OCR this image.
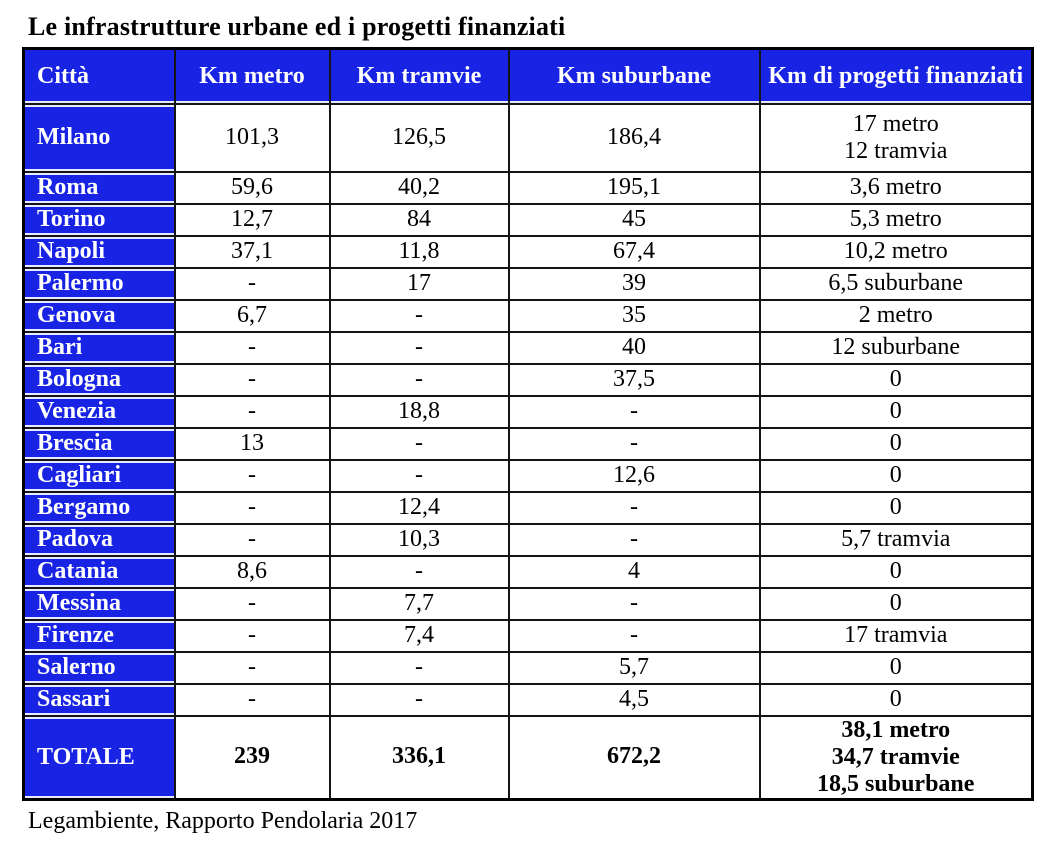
Le infrastrutture urbane ed i progetti finanziati
Città	Km metro	Km tramvie	Km suburbane	Km di progetti finanziati
Milano	101,3	126,5	186,4	17 metro
12 tramvia

Roma	59,6	40,2	195,1	3,6 metro

Torino	12,7	84	45	5,3 metro

Napoli	37,1	11,8	67,4	10,2 metro

Palermo	-	17	39	6,5 suburbane

Genova	6,7	-	35	2 metro

Bari	-	-	40	12 suburbane

Bologna	-	-	37,5	0

Venezia	-	18,8	-	0

Brescia	13	-	-	0

Cagliari	-	-	12,6	0

Bergamo	-	12,4	-	0

Padova	-	10,3	-	5,7 tramvia

Catania	8,6	-	4	0

Messina	-	7,7	-	0

Firenze	-	7,4	-	17 tramvia

Salerno	-	-	5,7	0

Sassari	-	-	4,5	0

TOTALE	239	336,1	672,2	38,1 metro
34,7 tramvie
18,5 suburbane

Legambiente, Rapporto Pendolaria 2017
